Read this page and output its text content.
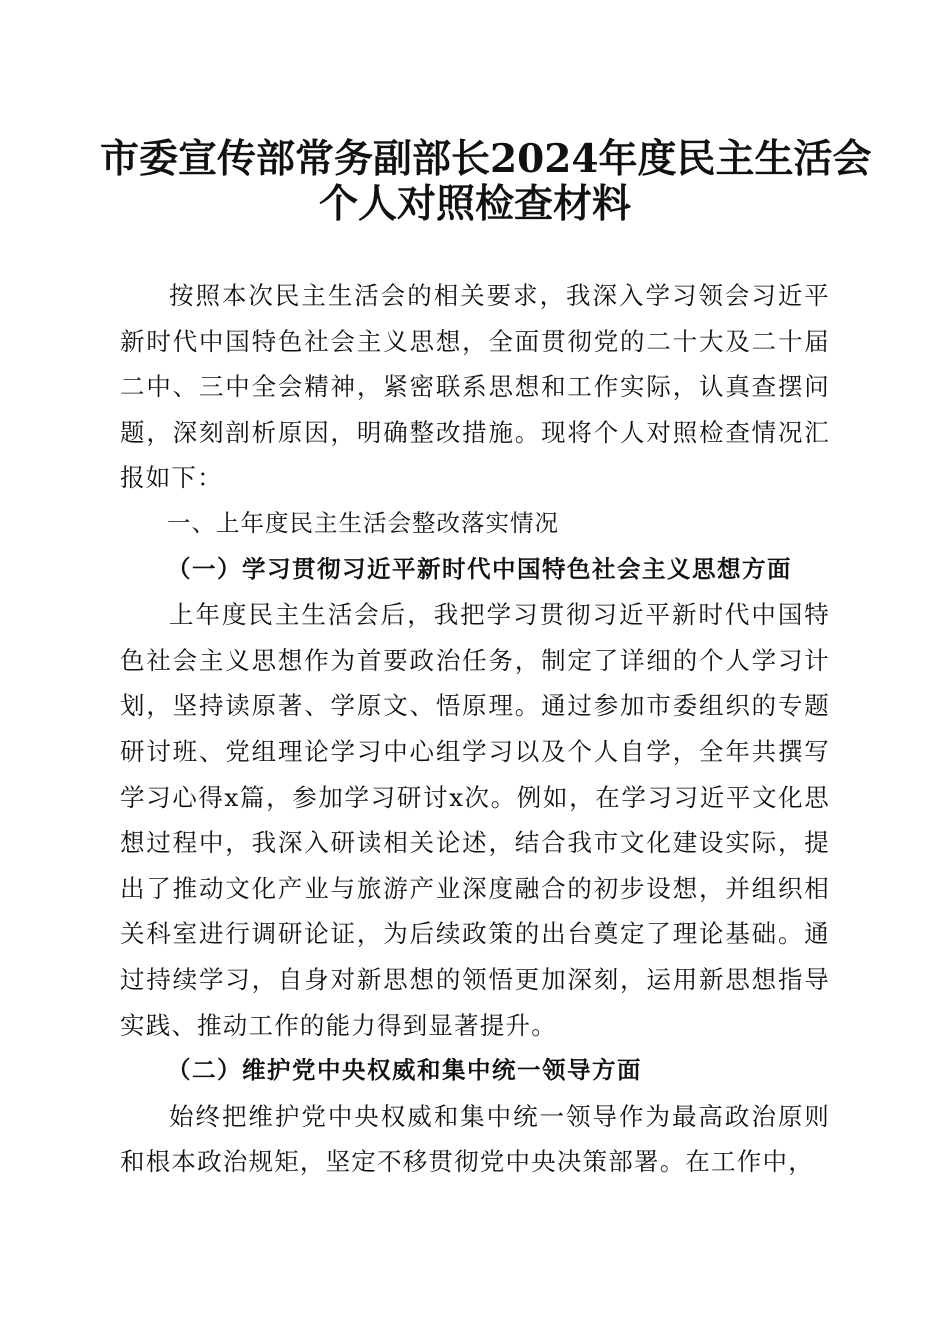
市委宣传部常务副部长2024年度民主生活会
个人对照检查材料

按照本次民主生活会的相关要求，我深入学习领会习近平新时代中国特色社会主义思想，全面贯彻党的二十大及二十届二中、三中全会精神，紧密联系思想和工作实际，认真查摆问题，深刻剖析原因，明确整改措施。现将个人对照检查情况汇报如下：

一、上年度民主生活会整改落实情况
（一）学习贯彻习近平新时代中国特色社会主义思想方面

上年度民主生活会后，我把学习贯彻习近平新时代中国特色社会主义思想作为首要政治任务，制定了详细的个人学习计划，坚持读原著、学原文、悟原理。通过参加市委组织的专题研讨班、党组理论学习中心组学习以及个人自学，全年共撰写学习心得x篇，参加学习研讨x次。例如，在学习习近平文化思想过程中，我深入研读相关论述，结合我市文化建设实际，提出了推动文化产业与旅游产业深度融合的初步设想，并组织相关科室进行调研论证，为后续政策的出台奠定了理论基础。通过持续学习，自身对新思想的领悟更加深刻，运用新思想指导实践、推动工作的能力得到显著提升。

（二）维护党中央权威和集中统一领导方面

始终把维护党中央权威和集中统一领导作为最高政治原则和根本政治规矩，坚定不移贯彻党中央决策部署。在工作中，
